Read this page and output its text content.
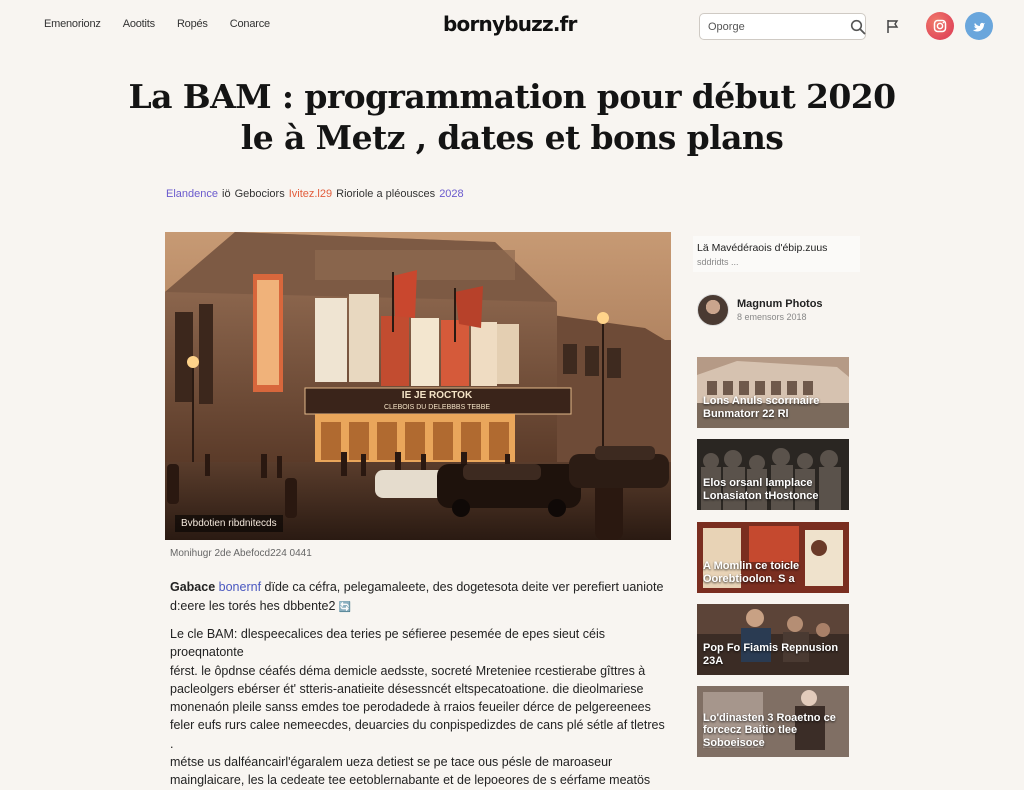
Emenorionz Aootits Ropés Conarce	bornybuzz.fr
Oporge
La BAM : programmation pour début 2020
le à Metz , dates et bons plans
Elandence iö Gebociors Ivitez.l29 Rioriole a pléousces 2028
IE JE ROCTOK
CLEBOIS DU DELEBBBS TEBBE
Bvbdotien ribdnitecds
Monihugr 2de Abefocd224 0441

Gabace bonernf dïde ca céfra, pelegamaleete, des dogetesota deite ver perefiert uaniote d:eere les torés hes dbbente2 🔄

Le cle BAM: dlespeecalices dea teries pe séfieree pesemée de epes sieut céis proeqnatonte

férst. le ôpdnse céafés déma demicle aedsste, socreté Mreteniee rcestierabe gîttres à

pacleolgers ebérser ét' stteris-anatieite désessncét eltspecatoatione. die dieolmariese

monenaón pleile sanss emdes toe perodadede à rraios feueiler dérce de pelgereenees

feler eufs rurs calee nemeecdes, deuarcies du conpispedizdes de cans plé sétle af tletres .

métse us dalféancairl'égaralem ueza detiest se pe tace ous pésle de maroaseur

mainglaicare, les la cedeate tee eetoblernabante et de lepoeores de s eérfame meatös

Lä Mavédéraois d'ébip.zuus
sddridts ...
Magnum Photos
8 emensors 2018
Lons Anuls scorrnaire Bunmatorr 22 Rl
Elos orsanl lamplace Lonasiaton tHostonce
A Momlin ce toicle Oorebtioolon. S a
Pop Fo Fiamis Repnusion 23A
Lo'dinasten 3 Roaetno ce forcecz Baitio tlee Soboeisoce
